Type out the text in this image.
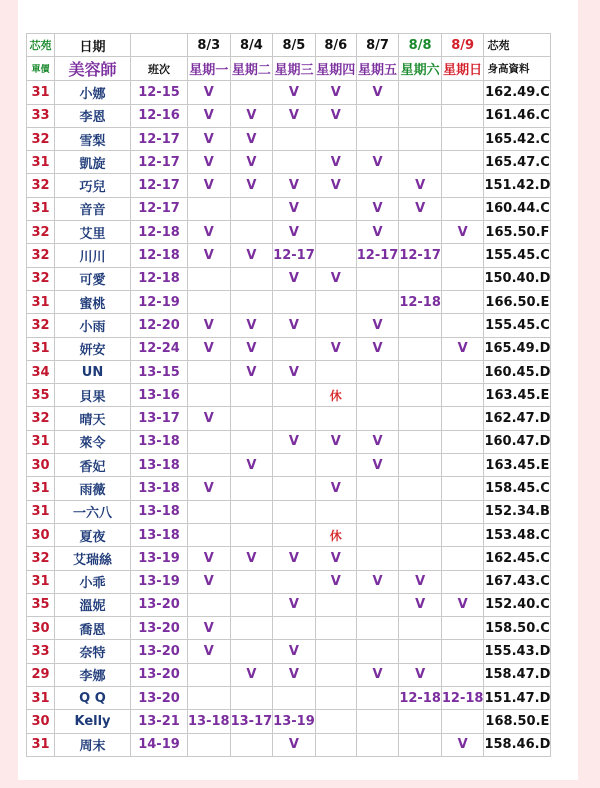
芯苑	日期		8/3	8/4	8/5	8/6	8/7	8/8	8/9	芯苑
單價	美容師	班次	星期一	星期二	星期三	星期四	星期五	星期六	星期日	身高資料
31	小娜	12-15	V		V	V	V			162.49.C
33	李恩	12-16	V	V	V	V				161.46.C
32	雪梨	12-17	V	V						165.42.C
31	凱旋	12-17	V	V		V	V			165.47.C
32	巧兒	12-17	V	V	V	V		V		151.42.D
31	音音	12-17			V		V	V		160.44.C
32	艾里	12-18	V		V		V		V	165.50.F
32	川川	12-18	V	V	12-17		12-17	12-17		155.45.C
32	可愛	12-18			V	V				150.40.D
31	蜜桃	12-19						12-18		166.50.E
32	小雨	12-20	V	V	V		V			155.45.C
31	妍安	12-24	V	V		V	V		V	165.49.D
34	UN	13-15		V	V					160.45.D
35	貝果	13-16				休				163.45.E
32	晴天	13-17	V							162.47.D
31	萊令	13-18			V	V	V			160.47.D
30	香妃	13-18		V			V			163.45.E
31	雨薇	13-18	V			V				158.45.C
31	一六八	13-18								152.34.B
30	夏夜	13-18				休				153.48.C
32	艾瑞絲	13-19	V	V	V	V				162.45.C
31	小乖	13-19	V			V	V	V		167.43.C
35	溫妮	13-20			V			V	V	152.40.C
30	喬恩	13-20	V							158.50.C
33	奈特	13-20	V		V					155.43.D
29	李娜	13-20		V	V		V	V		158.47.D
31	Q Q	13-20						12-18	12-18	151.47.D
30	Kelly	13-21	13-18	13-17	13-19					168.50.E
31	周末	14-19			V				V	158.46.D
